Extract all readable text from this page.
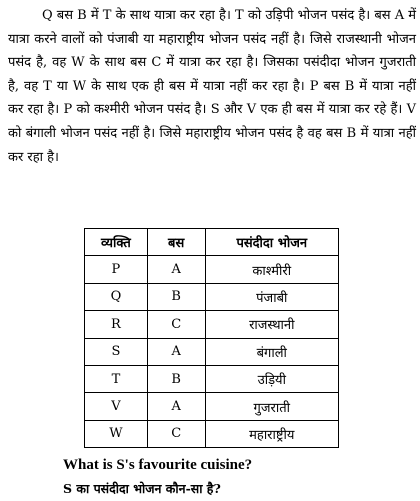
Q बस B में T के साथ यात्रा कर रहा है। T को उड़िपी भोजन पसंद है। बस A में यात्रा करने वालों को पंजाबी या महाराष्ट्रीय भोजन पसंद नहीं है। जिसे राजस्थानी भोजन पसंद है, वह W के साथ बस C में यात्रा कर रहा है। जिसका पसंदीदा भोजन गुजराती है, वह T या W के साथ एक ही बस में यात्रा नहीं कर रहा है। P बस B में यात्रा नहीं कर रहा है। P को कश्मीरी भोजन पसंद है। S और V एक ही बस में यात्रा कर रहे हैं। V को बंगाली भोजन पसंद नहीं है। जिसे महाराष्ट्रीय भोजन पसंद है वह बस B में यात्रा नहीं कर रहा है।

व्यक्ति	बस	पसंदीदा भोजन
P	A	काश्मीरी
Q	B	पंजाबी
R	C	राजस्थानी
S	A	बंगाली
T	B	उड़ियी
V	A	गुजराती
W	C	महाराष्ट्रीय

What is S's favourite cuisine?

S का पसंदीदा भोजन कौन-सा है?
